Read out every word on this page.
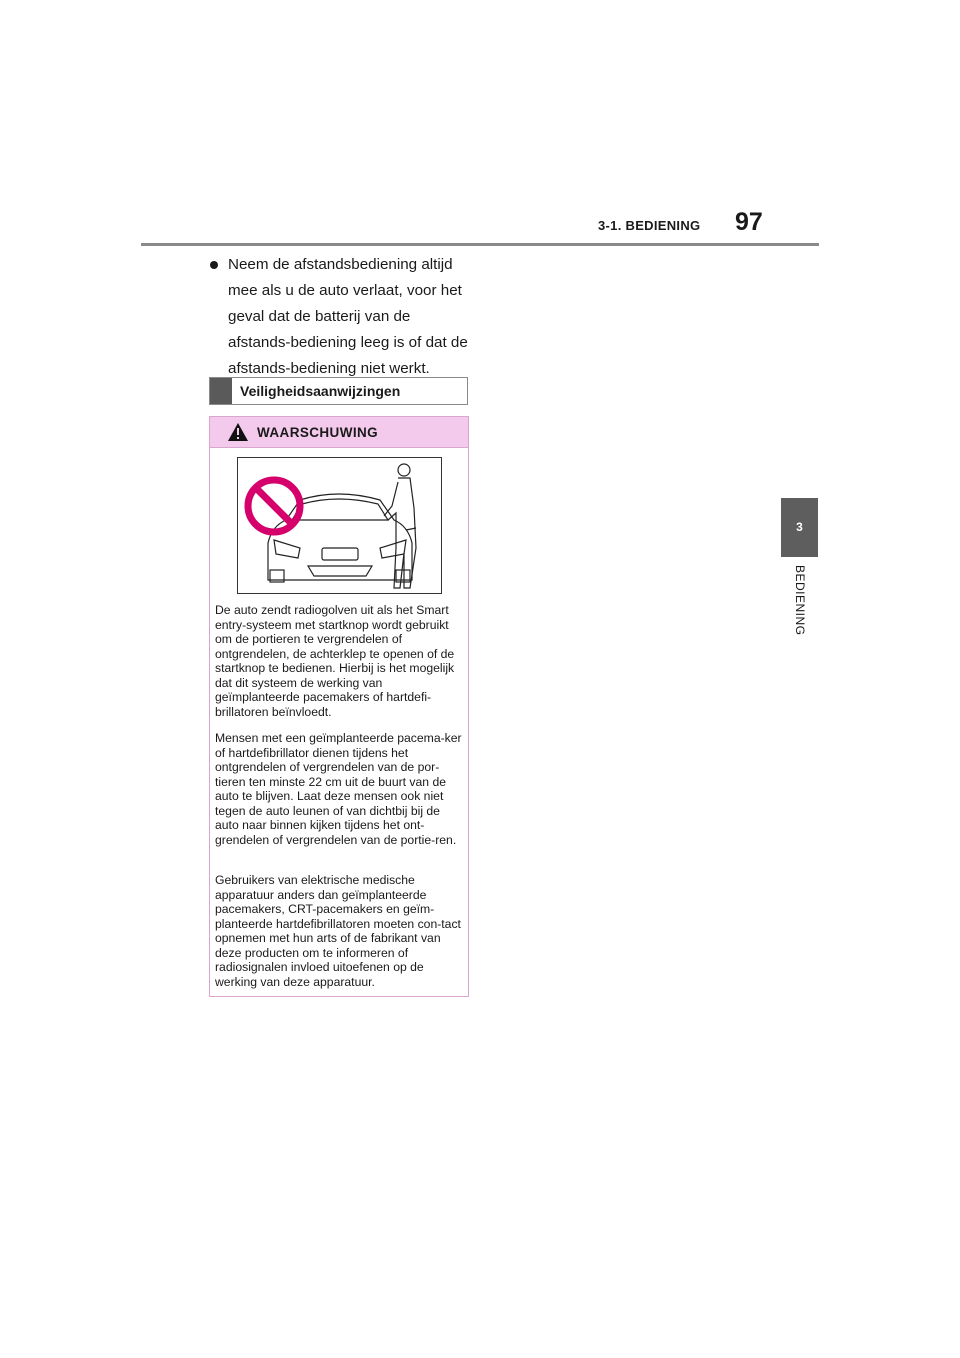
3-1. BEDIENING 97
3
BEDIENING
Neem de afstandsbediening altijd mee als u de auto verlaat, voor het geval dat de batterij van de afstands-bediening leeg is of dat de afstands-bediening niet werkt.
Veiligheidsaanwijzingen
WAARSCHUWING
De auto zendt radiogolven uit als het Smart entry-systeem met startknop wordt gebruikt om de portieren te vergrendelen of ontgrendelen, de achterklep te openen of de startknop te bedienen. Hierbij is het mogelijk dat dit systeem de werking van geïmplanteerde pacemakers of hartdefi-brillatoren beïnvloedt.
Mensen met een geïmplanteerde pacema-ker of hartdefibrillator dienen tijdens het ontgrendelen of vergrendelen van de por-tieren ten minste 22 cm uit de buurt van de auto te blijven. Laat deze mensen ook niet tegen de auto leunen of van dichtbij bij de auto naar binnen kijken tijdens het ont-grendelen of vergrendelen van de portie-ren.
Gebruikers van elektrische medische apparatuur anders dan geïmplanteerde pacemakers, CRT-pacemakers en geïm-planteerde hartdefibrillatoren moeten con-tact opnemen met hun arts of de fabrikant van deze producten om te informeren of radiosignalen invloed uitoefenen op de werking van deze apparatuur.
